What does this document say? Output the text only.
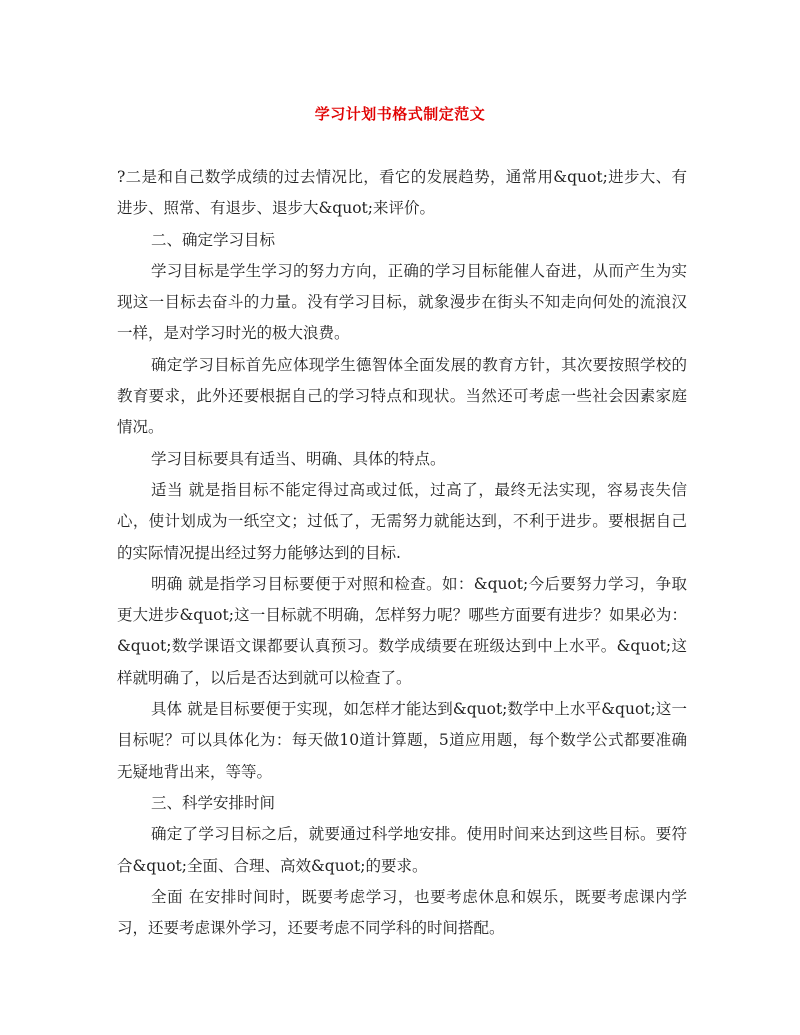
学习计划书格式制定范文

?二是和自己数学成绩的过去情况比，看它的发展趋势，通常用&quot;进步大、有进步、照常、有退步、退步大&quot;来评价。

二、确定学习目标

学习目标是学生学习的努力方向，正确的学习目标能催人奋进，从而产生为实现这一目标去奋斗的力量。没有学习目标，就象漫步在街头不知走向何处的流浪汉一样，是对学习时光的极大浪费。

确定学习目标首先应体现学生德智体全面发展的教育方针，其次要按照学校的教育要求，此外还要根据自己的学习特点和现状。当然还可考虑一些社会因素家庭情况。

学习目标要具有适当、明确、具体的特点。

适当 就是指目标不能定得过高或过低，过高了，最终无法实现，容易丧失信心，使计划成为一纸空文；过低了，无需努力就能达到，不利于进步。要根据自己的实际情况提出经过努力能够达到的目标.

明确 就是指学习目标要便于对照和检查。如：&quot;今后要努力学习，争取更大进步&quot;这一目标就不明确，怎样努力呢？哪些方面要有进步？如果必为：&quot;数学课语文课都要认真预习。数学成绩要在班级达到中上水平。&quot;这样就明确了，以后是否达到就可以检查了。

具体 就是目标要便于实现，如怎样才能达到&quot;数学中上水平&quot;这一目标呢？可以具体化为：每天做10道计算题，5道应用题，每个数学公式都要准确无疑地背出来，等等。

三、科学安排时间

确定了学习目标之后，就要通过科学地安排。使用时间来达到这些目标。要符合&quot;全面、合理、高效&quot;的要求。

全面 在安排时间时，既要考虑学习，也要考虑休息和娱乐，既要考虑课内学习，还要考虑课外学习，还要考虑不同学科的时间搭配。
